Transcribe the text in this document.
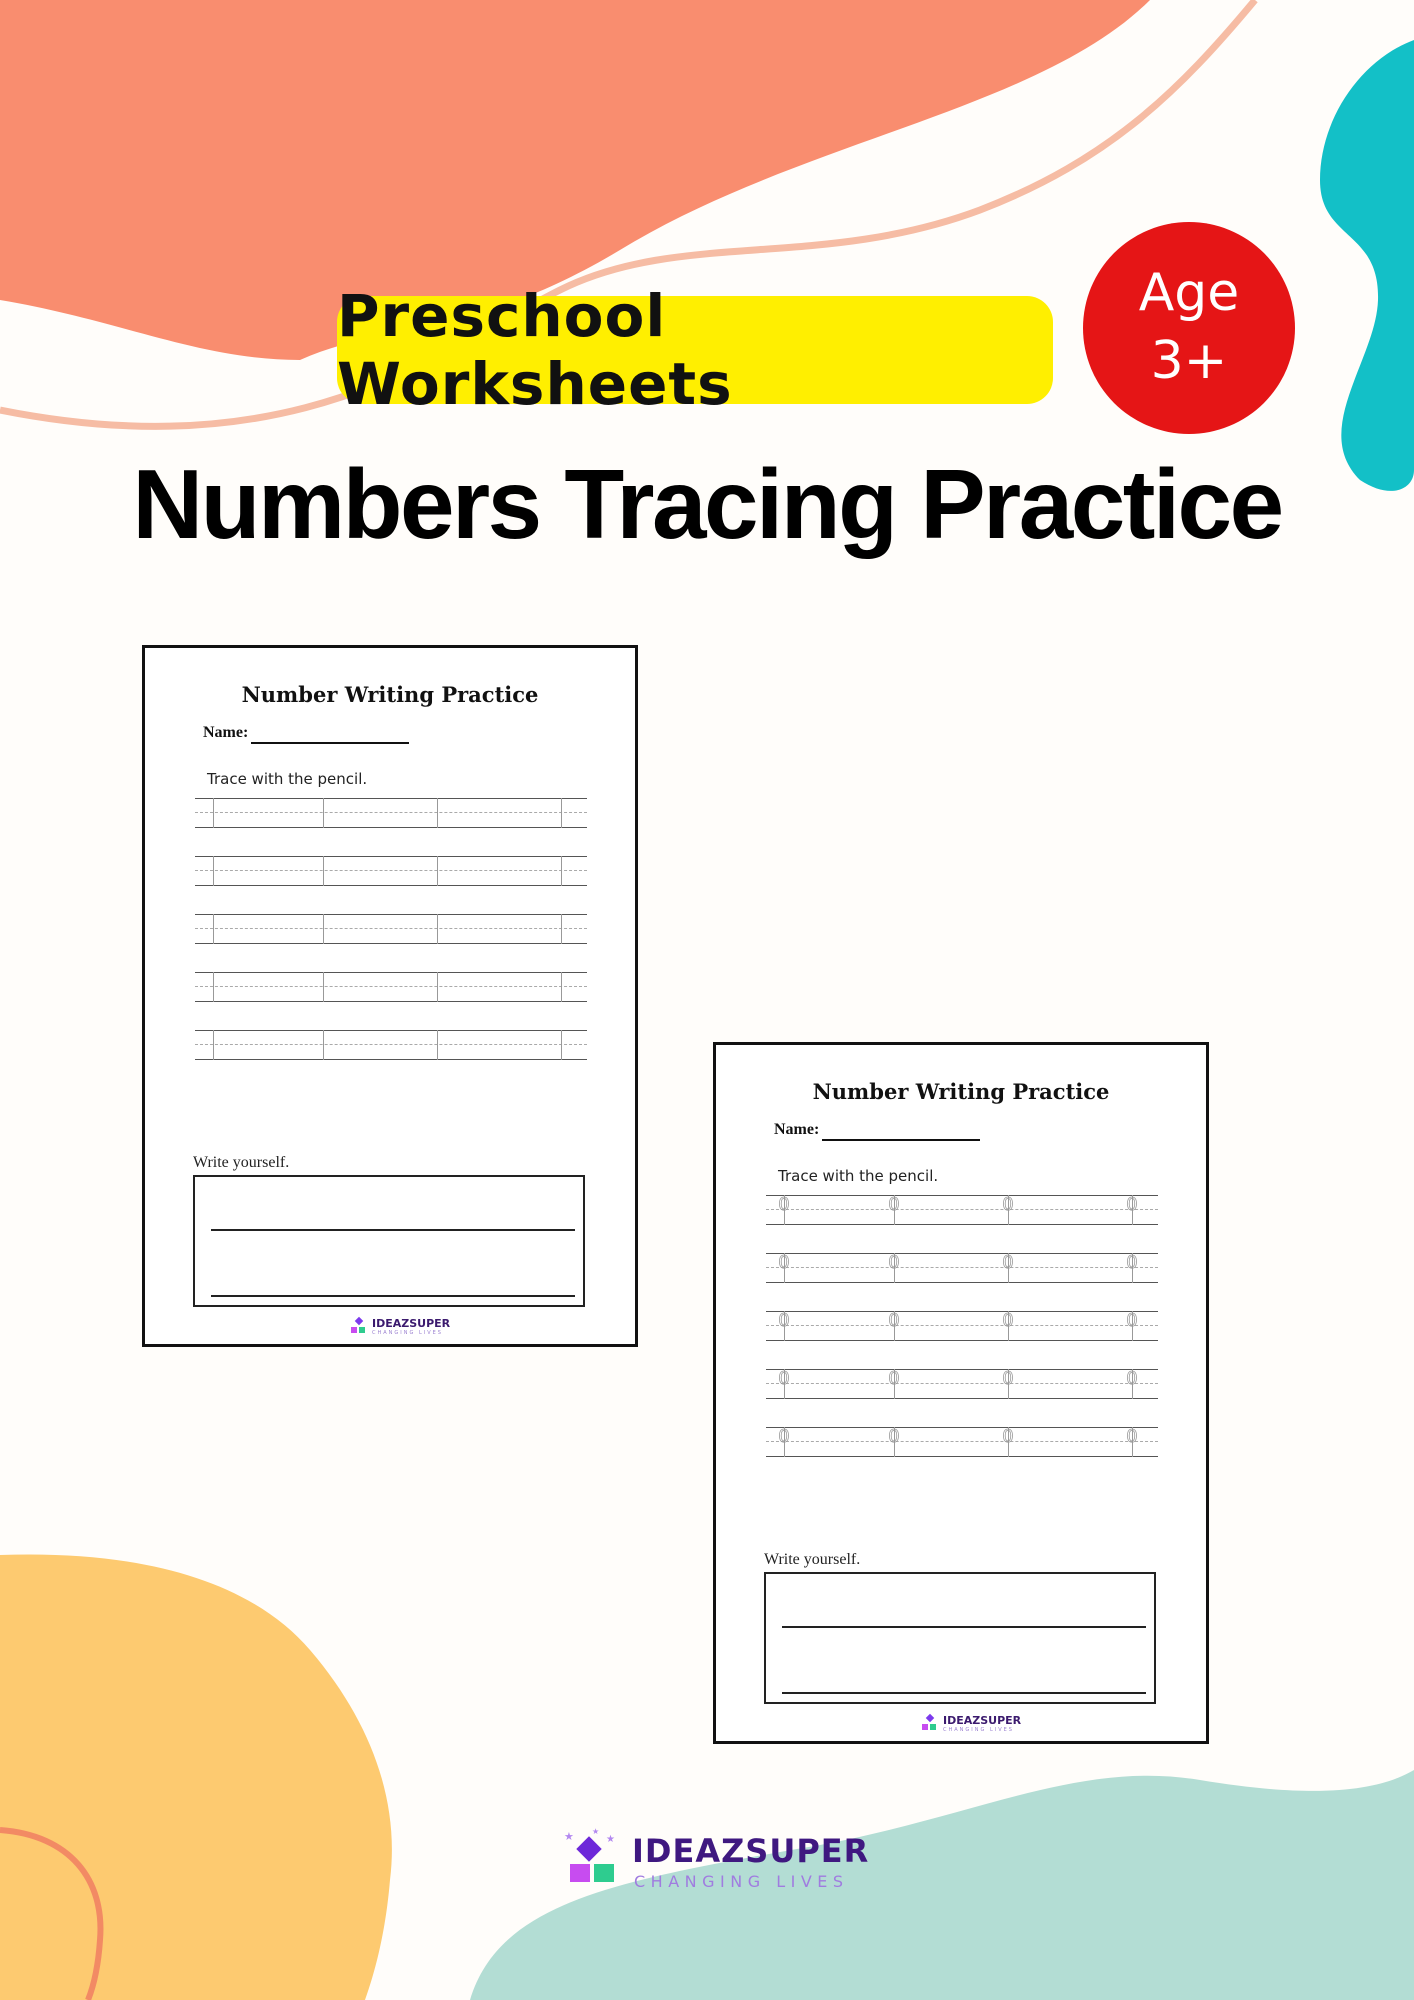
Preschool Worksheets
Age
3+
Numbers Tracing Practice
Number Writing Practice
Name:
Trace with the pencil.
Write yourself.
IDEAZSUPER
CHANGING LIVES
Number Writing Practice
Name:
Trace with the pencil.
0	0	0	0
0	0	0	0
0	0	0	0
0	0	0	0
0	0	0	0
Write yourself.
IDEAZSUPER
CHANGING LIVES
★	★
★
IDEAZSUPER
CHANGING LIVES
